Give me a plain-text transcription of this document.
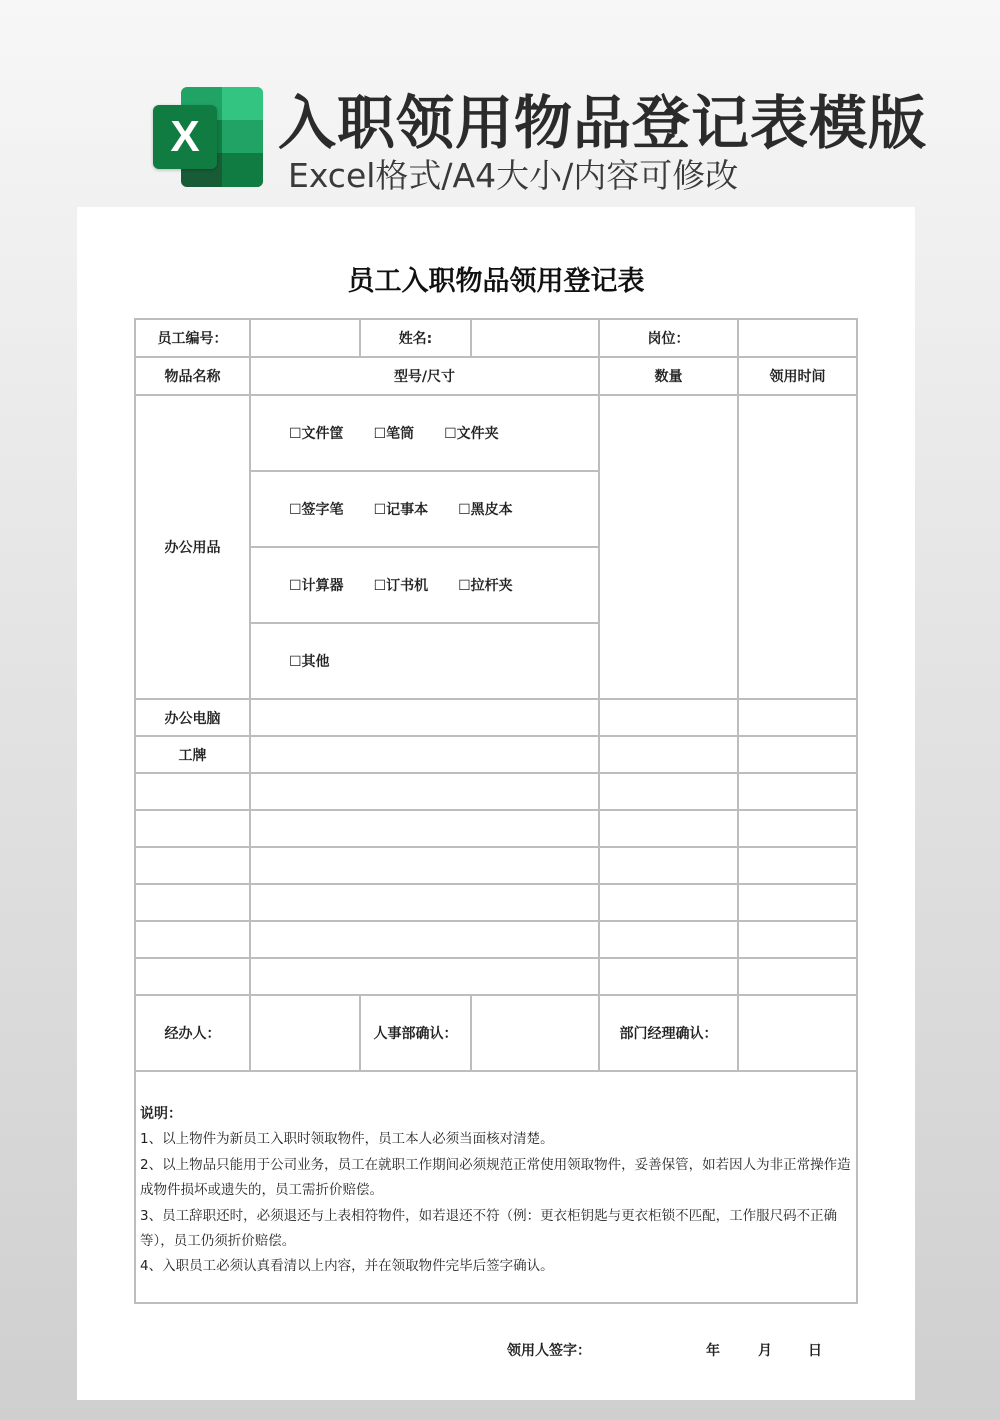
X 入职领用物品登记表模版
Excel格式/A4大小/内容可修改
员工入职物品领用登记表
员工编号：		姓名:		岗位：	
物品名称	型号/尺寸			数量	领用时间
办公用品	☐文件筐 ☐笔筒 ☐文件夹				
	☐签字笔 ☐记事本 ☐黑皮本				
	☐计算器 ☐订书机 ☐拉杆夹				
	☐其他				
办公电脑					
工牌					

经办人：		人事部确认：		部门经理确认：	

说明：

1、以上物件为新员工入职时领取物件，员工本人必须当面核对清楚。

2、以上物品只能用于公司业务，员工在就职工作期间必须规范正常使用领取物件，妥善保管，如若因人为非正常操作造成物件损坏或遗失的，员工需折价赔偿。

3、员工辞职还时，必须退还与上表相符物件，如若退还不符（例：更衣柜钥匙与更衣柜锁不匹配，工作服尺码不正确等），员工仍须折价赔偿。

4、入职员工必须认真看清以上内容，并在领取物件完毕后签字确认。					

领用人签字：	年	月	日
